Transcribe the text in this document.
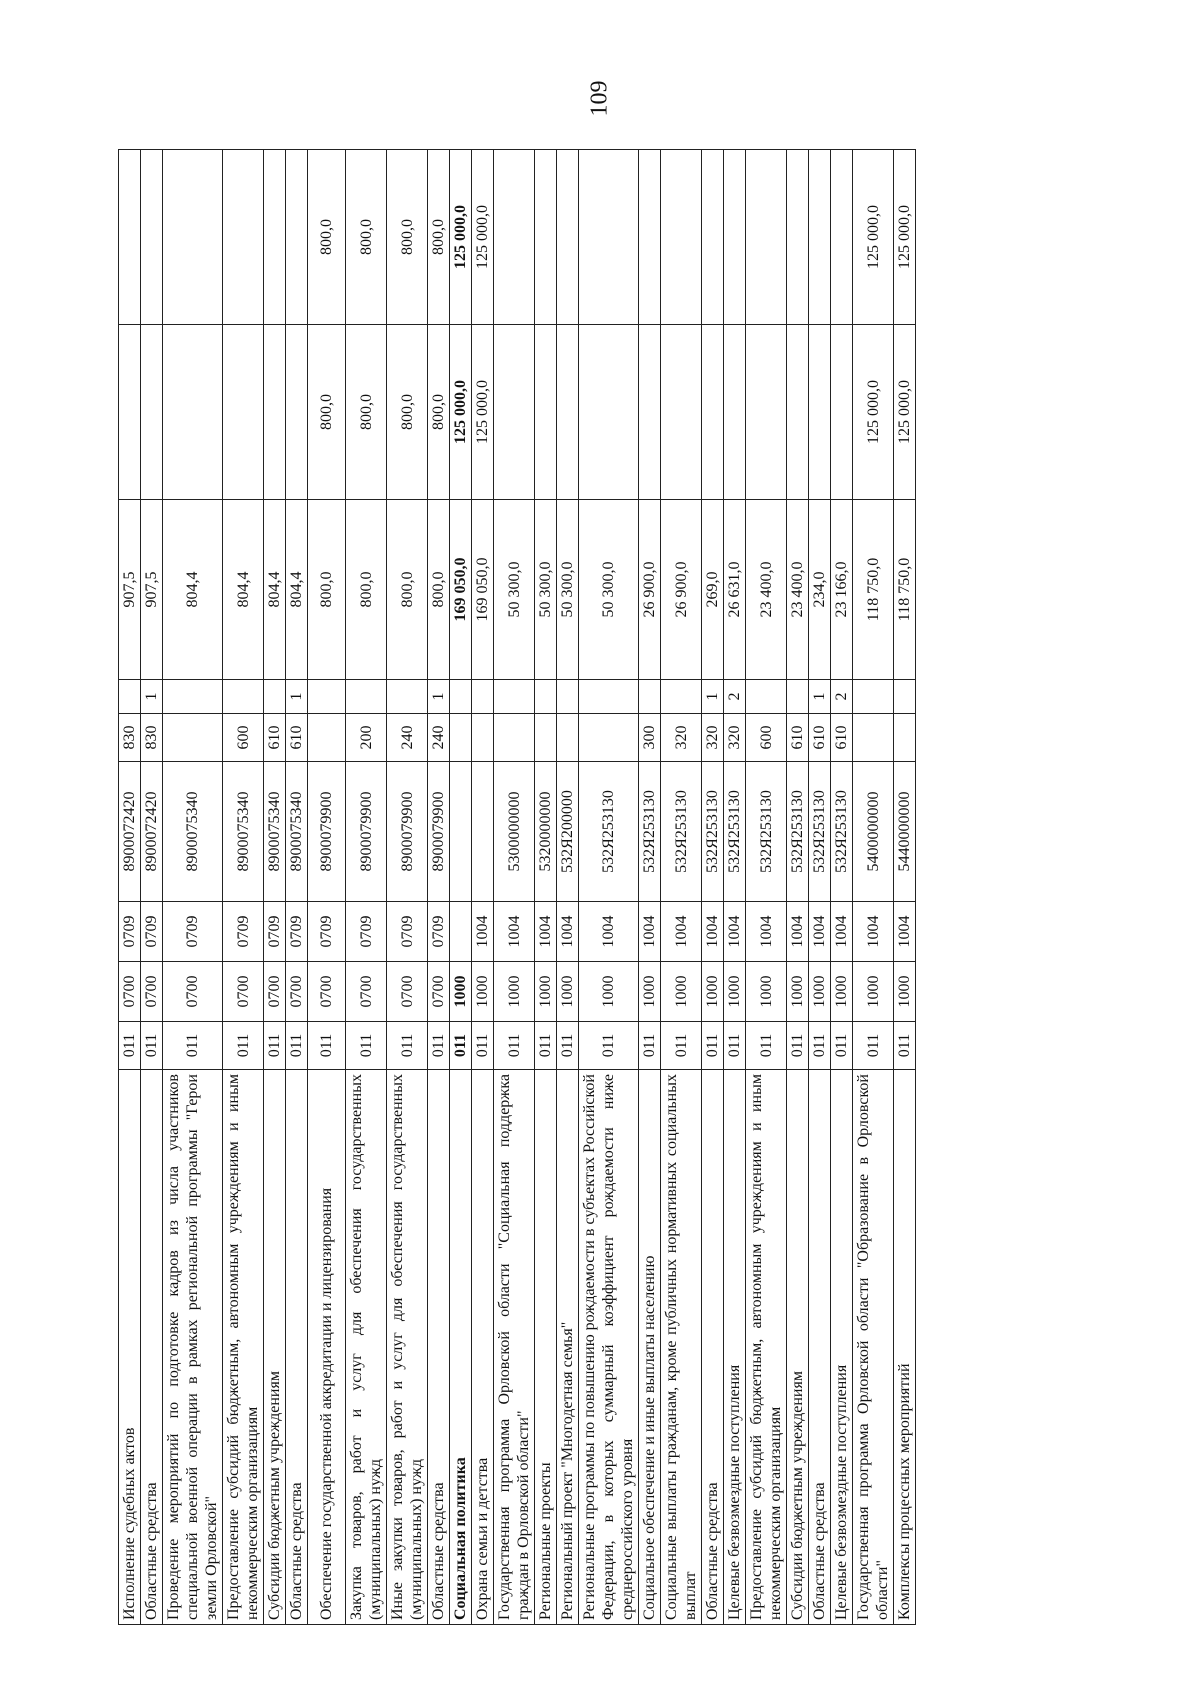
109
Исполнение судебных актов	011	0700	0709	8900072420	830		907,5		
Областные средства	011	0700	0709	8900072420	830	1	907,5		
Проведение мероприятий по подготовке кадров из числа участников специальной военной операции в рамках региональной программы "Герои земли Орловской"	011	0700	0709	8900075340			804,4		
Предоставление субсидий бюджетным, автономным учреждениям и иным некоммерческим организациям	011	0700	0709	8900075340	600		804,4		
Субсидии бюджетным учреждениям	011	0700	0709	8900075340	610		804,4		
Областные средства	011	0700	0709	8900075340	610	1	804,4		
Обеспечение государственной аккредитации и лицензирования	011	0700	0709	8900079900			800,0	800,0	800,0
Закупка товаров, работ и услуг для обеспечения государственных (муниципальных) нужд	011	0700	0709	8900079900	200		800,0	800,0	800,0
Иные закупки товаров, работ и услуг для обеспечения государственных (муниципальных) нужд	011	0700	0709	8900079900	240		800,0	800,0	800,0
Областные средства	011	0700	0709	8900079900	240	1	800,0	800,0	800,0
Социальная политика	011	1000					169 050,0	125 000,0	125 000,0
Охрана семьи и детства	011	1000	1004				169 050,0	125 000,0	125 000,0
Государственная программа Орловской области "Социальная поддержка граждан в Орловской области"	011	1000	1004	5300000000			50 300,0		
Региональные проекты	011	1000	1004	5320000000			50 300,0		
Региональный проект "Многодетная семья"	011	1000	1004	532Я200000			50 300,0		
Региональные программы по повышению рождаемости в субъектах Российской Федерации, в которых суммарный коэффициент рождаемости ниже среднероссийского уровня	011	1000	1004	532Я253130			50 300,0		
Социальное обеспечение и иные выплаты населению	011	1000	1004	532Я253130	300		26 900,0		
Социальные выплаты гражданам, кроме публичных нормативных социальных выплат	011	1000	1004	532Я253130	320		26 900,0		
Областные средства	011	1000	1004	532Я253130	320	1	269,0		
Целевые безвозмездные поступления	011	1000	1004	532Я253130	320	2	26 631,0		
Предоставление субсидий бюджетным, автономным учреждениям и иным некоммерческим организациям	011	1000	1004	532Я253130	600		23 400,0		
Субсидии бюджетным учреждениям	011	1000	1004	532Я253130	610		23 400,0		
Областные средства	011	1000	1004	532Я253130	610	1	234,0		
Целевые безвозмездные поступления	011	1000	1004	532Я253130	610	2	23 166,0		
Государственная программа Орловской области "Образование в Орловской области"	011	1000	1004	5400000000			118 750,0	125 000,0	125 000,0
Комплексы процессных мероприятий	011	1000	1004	5440000000			118 750,0	125 000,0	125 000,0
